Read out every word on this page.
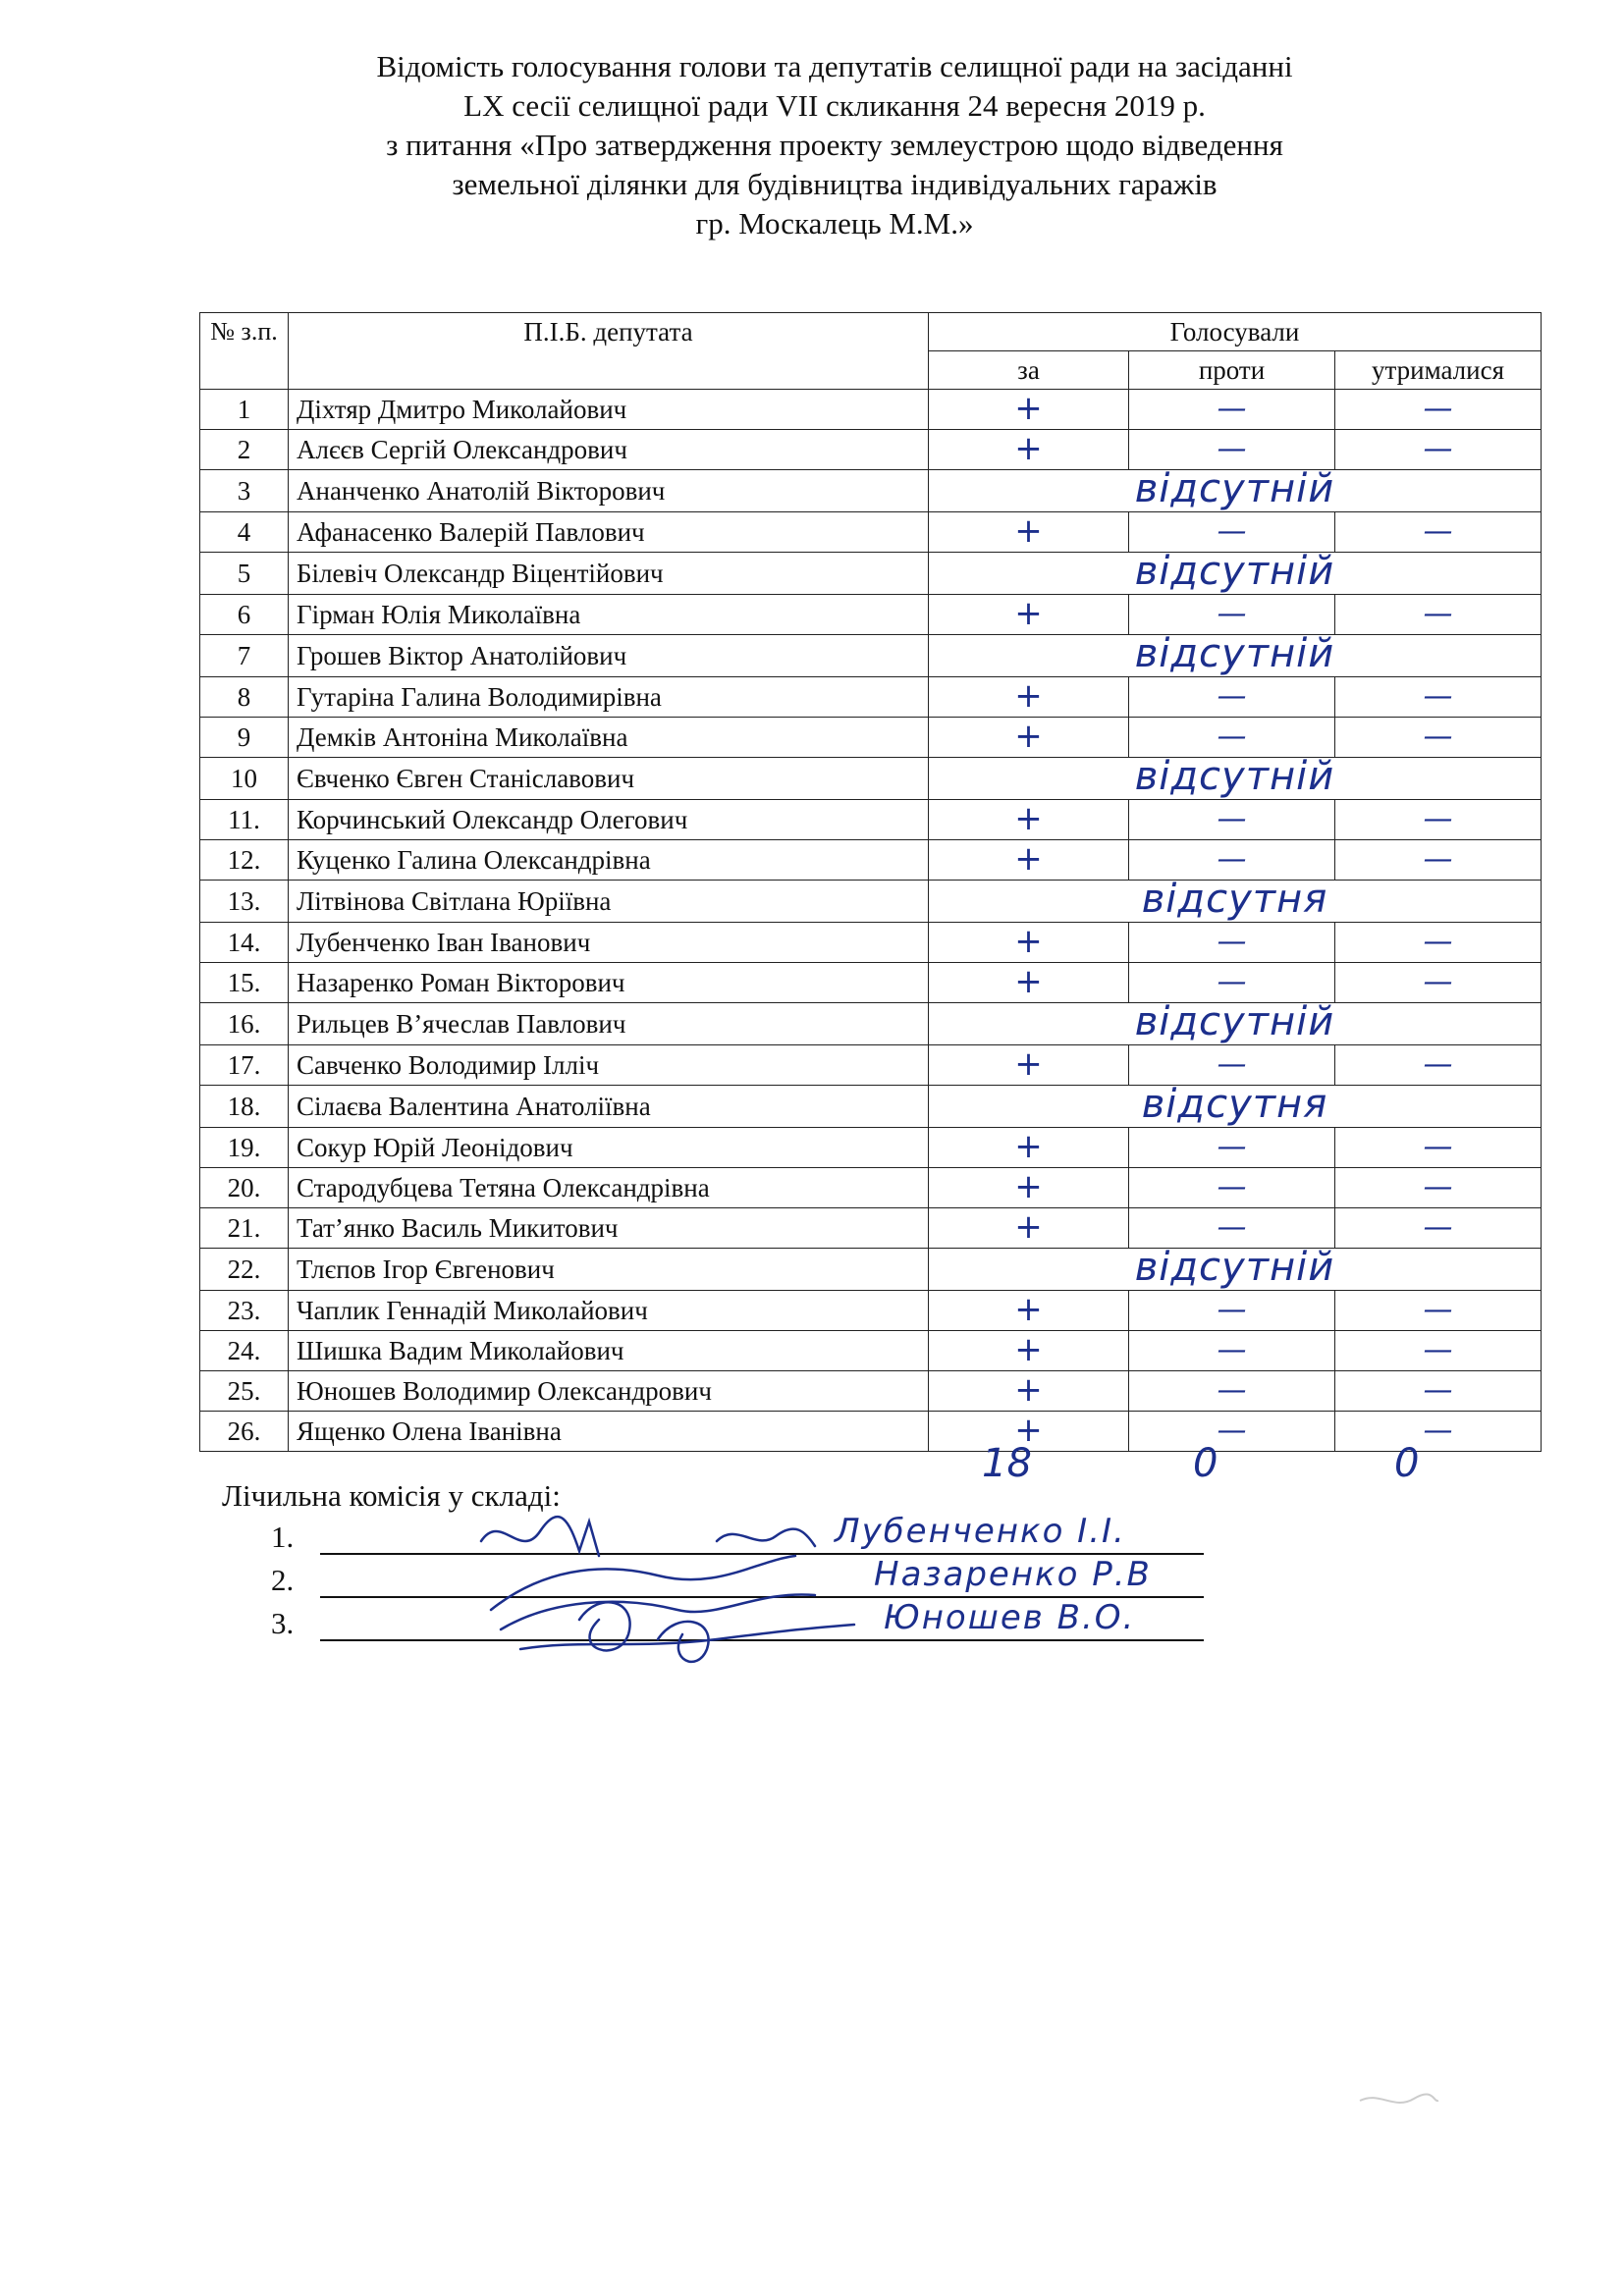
Відомість голосування голови та депутатів селищної ради на засіданні
LX сесії селищної ради VII скликання 24 вересня 2019 р.
з питання «Про затвердження проекту землеустрою щодо відведення
земельної ділянки для будівництва індивідуальних гаражів
гр. Москалець М.М.»
№ з.п.	П.І.Б. депутата	Голосували		
		за	проти	утрималися
1	Діхтяр Дмитро Миколайович	+	—	—
2	Алєєв Сергій Олександрович	+	—	—
3	Ананченко Анатолій Вікторович	відсутній		
4	Афанасенко Валерій Павлович	+	—	—
5	Білевіч Олександр Віцентійович	відсутній		
6	Гірман Юлія Миколаївна	+	—	—
7	Грошев Віктор Анатолійович	відсутній		
8	Гутаріна Галина Володимирівна	+	—	—
9	Демків Антоніна Миколаївна	+	—	—
10	Євченко Євген Станіславович	відсутній		
11.	Корчинський Олександр Олегович	+	—	—
12.	Куценко Галина Олександрівна	+	—	—
13.	Літвінова Світлана Юріївна	відсутня		
14.	Лубенченко Іван Іванович	+	—	—
15.	Назаренко Роман Вікторович	+	—	—
16.	Рильцев В’ячеслав Павлович	відсутній		
17.	Савченко Володимир Ілліч	+	—	—
18.	Сілаєва Валентина Анатоліївна	відсутня		
19.	Сокур Юрій Леонідович	+	—	—
20.	Стародубцева Тетяна Олександрівна	+	—	—
21.	Тат’янко Василь Микитович	+	—	—
22.	Тлєпов Ігор Євгенович	відсутній		
23.	Чаплик Геннадій Миколайович	+	—	—
24.	Шишка Вадим Миколайович	+	—	—
25.	Юношев Володимир Олександрович	+	—	—
26.	Ященко Олена Іванівна	+	—	—
18	0	0
Лічильна комісія у складі:
1.
2.
3.
Лубенченко І.І.
Назаренко Р.В
Юношев В.О.
